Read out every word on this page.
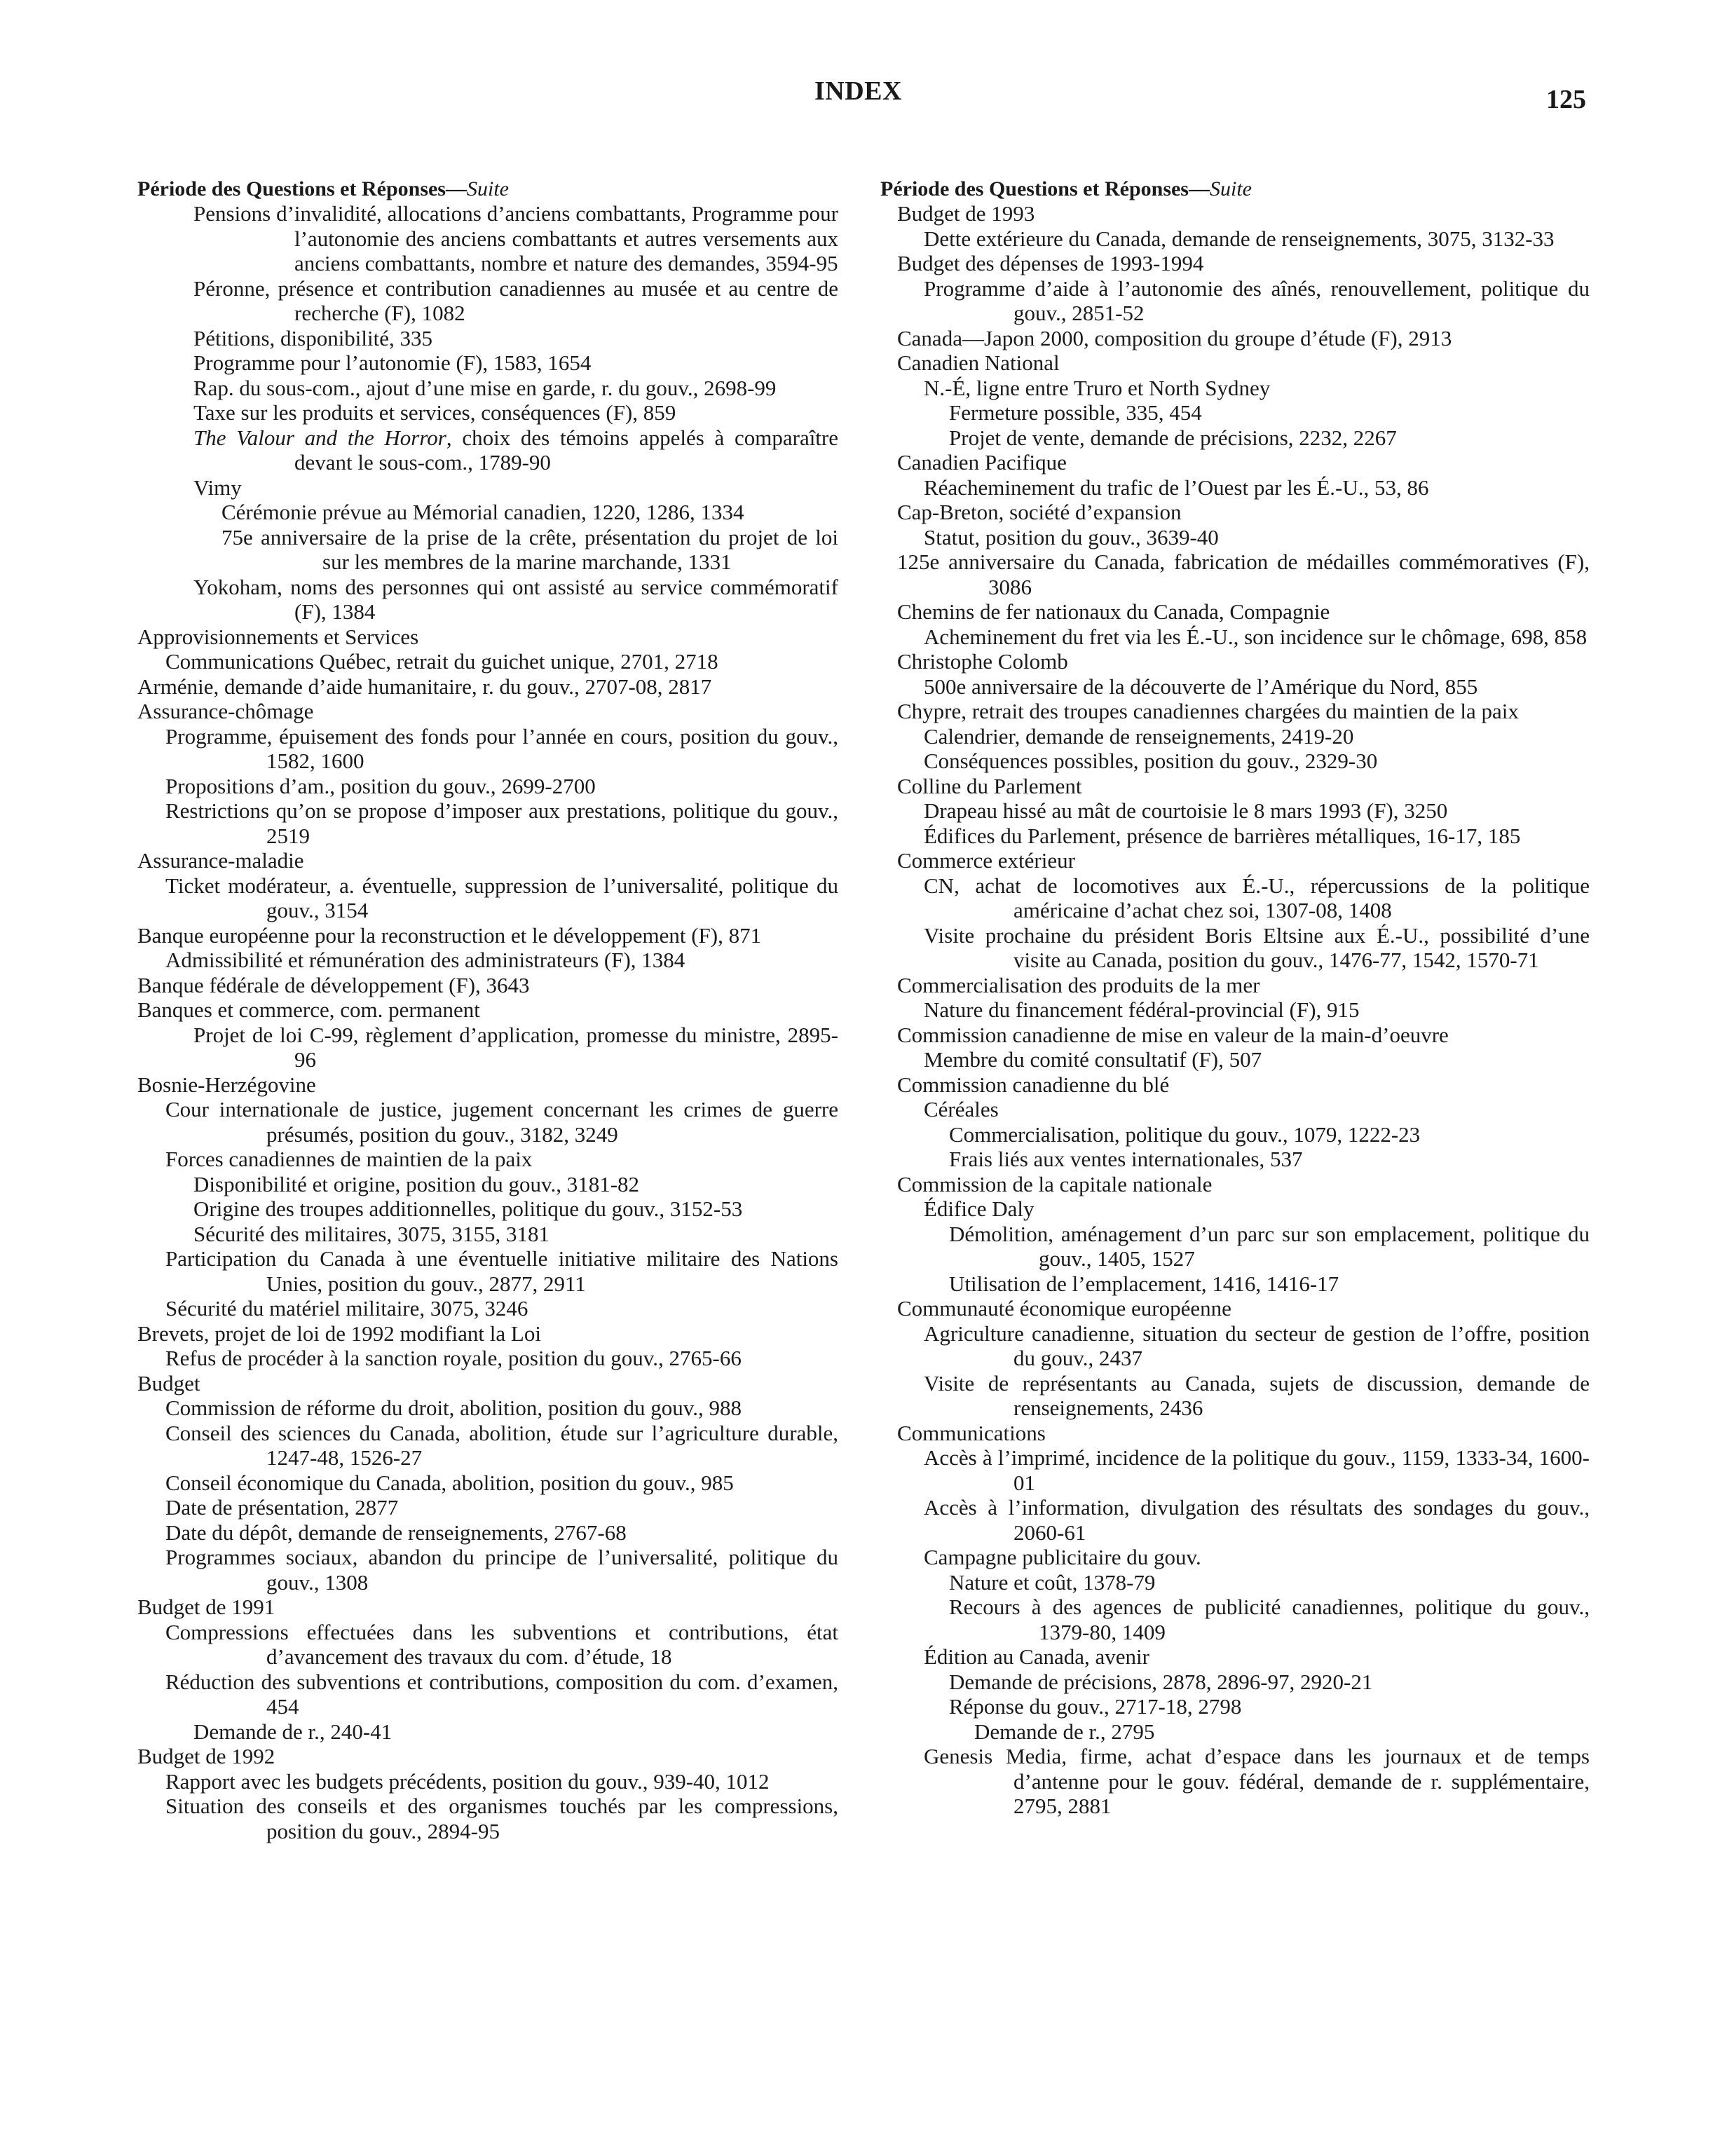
INDEX	125

Période des Questions et Réponses—Suite

Pensions d’invalidité, allocations d’anciens combattants, Programme pour l’autonomie des anciens combattants et autres versements aux anciens combattants, nombre et nature des demandes, 3594-95

Péronne, présence et contribution canadiennes au musée et au centre de recherche (F), 1082

Pétitions, disponibilité, 335

Programme pour l’autonomie (F), 1583, 1654

Rap. du sous-com., ajout d’une mise en garde, r. du gouv., 2698-99

Taxe sur les produits et services, conséquences (F), 859

The Valour and the Horror, choix des témoins appelés à comparaître devant le sous-com., 1789-90

Vimy

Cérémonie prévue au Mémorial canadien, 1220, 1286, 1334

75e anniversaire de la prise de la crête, présentation du projet de loi sur les membres de la marine marchande, 1331

Yokoham, noms des personnes qui ont assisté au service commémoratif (F), 1384

Approvisionnements et Services

Communications Québec, retrait du guichet unique, 2701, 2718

Arménie, demande d’aide humanitaire, r. du gouv., 2707-08, 2817

Assurance-chômage

Programme, épuisement des fonds pour l’année en cours, position du gouv., 1582, 1600

Propositions d’am., position du gouv., 2699-2700

Restrictions qu’on se propose d’imposer aux prestations, politique du gouv., 2519

Assurance-maladie

Ticket modérateur, a. éventuelle, suppression de l’universalité, politique du gouv., 3154

Banque européenne pour la reconstruction et le développement (F), 871

Admissibilité et rémunération des administrateurs (F), 1384

Banque fédérale de développement (F), 3643

Banques et commerce, com. permanent

Projet de loi C-99, règlement d’application, promesse du ministre, 2895-96

Bosnie-Herzégovine

Cour internationale de justice, jugement concernant les crimes de guerre présumés, position du gouv., 3182, 3249

Forces canadiennes de maintien de la paix

Disponibilité et origine, position du gouv., 3181-82

Origine des troupes additionnelles, politique du gouv., 3152-53

Sécurité des militaires, 3075, 3155, 3181

Participation du Canada à une éventuelle initiative militaire des Nations Unies, position du gouv., 2877, 2911

Sécurité du matériel militaire, 3075, 3246

Brevets, projet de loi de 1992 modifiant la Loi

Refus de procéder à la sanction royale, position du gouv., 2765-66

Budget

Commission de réforme du droit, abolition, position du gouv., 988

Conseil des sciences du Canada, abolition, étude sur l’agriculture durable, 1247-48, 1526-27

Conseil économique du Canada, abolition, position du gouv., 985

Date de présentation, 2877

Date du dépôt, demande de renseignements, 2767-68

Programmes sociaux, abandon du principe de l’universalité, politique du gouv., 1308

Budget de 1991

Compressions effectuées dans les subventions et contributions, état d’avancement des travaux du com. d’étude, 18

Réduction des subventions et contributions, composition du com. d’examen, 454

Demande de r., 240-41

Budget de 1992

Rapport avec les budgets précédents, position du gouv., 939-40, 1012

Situation des conseils et des organismes touchés par les compressions, position du gouv., 2894-95

Période des Questions et Réponses—Suite

Budget de 1993

Dette extérieure du Canada, demande de renseignements, 3075, 3132-33

Budget des dépenses de 1993-1994

Programme d’aide à l’autonomie des aînés, renouvellement, politique du gouv., 2851-52

Canada—Japon 2000, composition du groupe d’étude (F), 2913

Canadien National

N.-É, ligne entre Truro et North Sydney

Fermeture possible, 335, 454

Projet de vente, demande de précisions, 2232, 2267

Canadien Pacifique

Réacheminement du trafic de l’Ouest par les É.-U., 53, 86

Cap-Breton, société d’expansion

Statut, position du gouv., 3639-40

125e anniversaire du Canada, fabrication de médailles commémoratives (F), 3086

Chemins de fer nationaux du Canada, Compagnie

Acheminement du fret via les É.-U., son incidence sur le chômage, 698, 858

Christophe Colomb

500e anniversaire de la découverte de l’Amérique du Nord, 855

Chypre, retrait des troupes canadiennes chargées du maintien de la paix

Calendrier, demande de renseignements, 2419-20

Conséquences possibles, position du gouv., 2329-30

Colline du Parlement

Drapeau hissé au mât de courtoisie le 8 mars 1993 (F), 3250

Édifices du Parlement, présence de barrières métalliques, 16-17, 185

Commerce extérieur

CN, achat de locomotives aux É.-U., répercussions de la politique américaine d’achat chez soi, 1307-08, 1408

Visite prochaine du président Boris Eltsine aux É.-U., possibilité d’une visite au Canada, position du gouv., 1476-77, 1542, 1570-71

Commercialisation des produits de la mer

Nature du financement fédéral-provincial (F), 915

Commission canadienne de mise en valeur de la main-d’oeuvre

Membre du comité consultatif (F), 507

Commission canadienne du blé

Céréales

Commercialisation, politique du gouv., 1079, 1222-23

Frais liés aux ventes internationales, 537

Commission de la capitale nationale

Édifice Daly

Démolition, aménagement d’un parc sur son emplacement, politique du gouv., 1405, 1527

Utilisation de l’emplacement, 1416, 1416-17

Communauté économique européenne

Agriculture canadienne, situation du secteur de gestion de l’offre, position du gouv., 2437

Visite de représentants au Canada, sujets de discussion, demande de renseignements, 2436

Communications

Accès à l’imprimé, incidence de la politique du gouv., 1159, 1333-34, 1600-01

Accès à l’information, divulgation des résultats des sondages du gouv., 2060-61

Campagne publicitaire du gouv.

Nature et coût, 1378-79

Recours à des agences de publicité canadiennes, politique du gouv., 1379-80, 1409

Édition au Canada, avenir

Demande de précisions, 2878, 2896-97, 2920-21

Réponse du gouv., 2717-18, 2798

Demande de r., 2795

Genesis Media, firme, achat d’espace dans les journaux et de temps d’antenne pour le gouv. fédéral, demande de r. supplémentaire, 2795, 2881
